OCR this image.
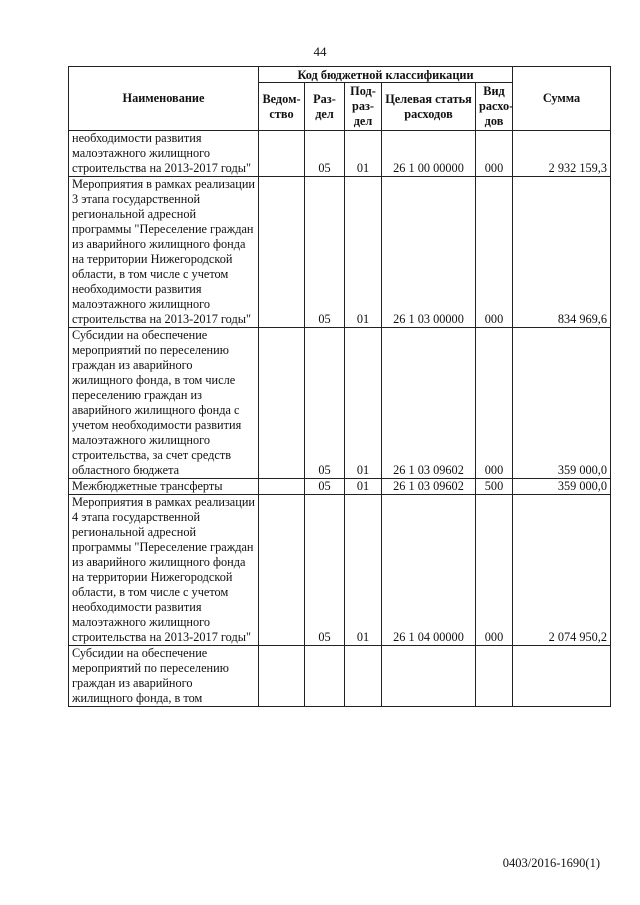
44
Наименование	Код бюджетной классификации					Сумма
	Ведом-ство	Раз-дел	Под-раз-дел	Целевая статья расходов	Вид расхо-дов	
необходимости развития малоэтажного жилищного строительства на 2013-2017 годы"		05	01	26 1 00 00000	000	2 932 159,3
Мероприятия в рамках реализации 3 этапа государственной региональной адресной программы "Переселение граждан из аварийного жилищного фонда на территории Нижегородской области, в том числе с учетом необходимости развития малоэтажного жилищного строительства на 2013-2017 годы"		05	01	26 1 03 00000	000	834 969,6
Субсидии на обеспечение мероприятий по переселению граждан из аварийного жилищного фонда, в том числе переселению граждан из аварийного жилищного фонда с учетом необходимости развития малоэтажного жилищного строительства, за счет средств областного бюджета		05	01	26 1 03 09602	000	359 000,0
Межбюджетные трансферты		05	01	26 1 03 09602	500	359 000,0
Мероприятия в рамках реализации 4 этапа государственной региональной адресной программы "Переселение граждан из аварийного жилищного фонда на территории Нижегородской области, в том числе с учетом необходимости развития малоэтажного жилищного строительства на 2013-2017 годы"		05	01	26 1 04 00000	000	2 074 950,2
Субсидии на обеспечение мероприятий по переселению граждан из аварийного жилищного фонда, в том						
0403/2016-1690(1)
